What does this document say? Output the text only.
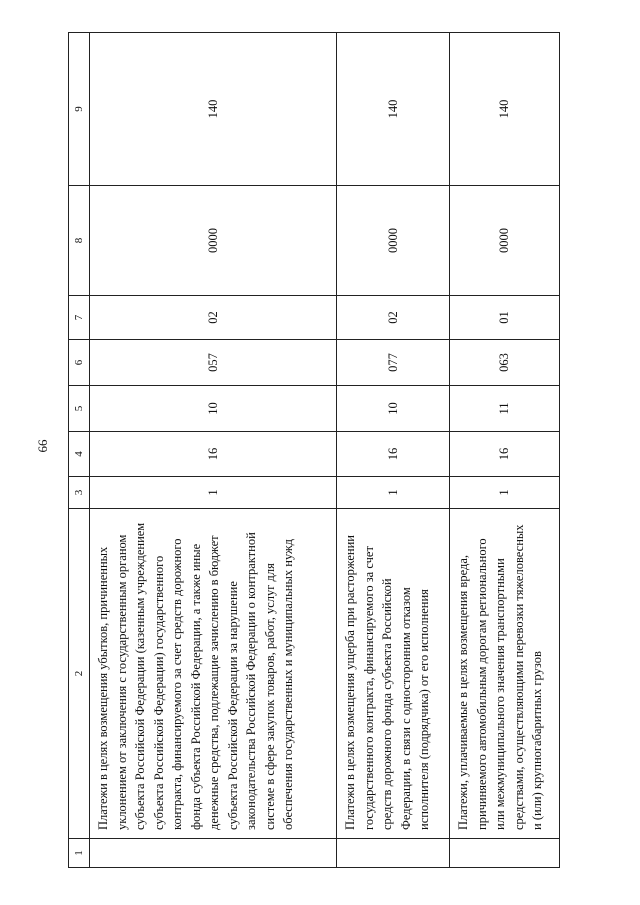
66
1	2	3	4	5	6	7	8	9
	Платежи в целях возмещения убытков, причиненных уклонением от заключения с государственным органом субъекта Российской Федерации (казенным учреждением субъекта Российской Федерации) государственного контракта, финансируемого за счет средств дорожного фонда субъекта Российской Федерации, а также иные денежные средства, подлежащие зачислению в бюджет субъекта Российской Федерации за нарушение законодательства Российской Федерации о контрактной системе в сфере закупок товаров, работ, услуг для обеспечения государственных и муниципальных нужд	1	16	10	057	02	0000	140
	Платежи в целях возмещения ущерба при расторжении государственного контракта, финансируемого за счет средств дорожного фонда субъекта Российской Федерации, в связи с односторонним отказом исполнителя (подрядчика) от его исполнения	1	16	10	077	02	0000	140
	Платежи, уплачиваемые в целях возмещения вреда, причиняемого автомобильным дорогам регионального или межмуниципального значения транспортными средствами, осуществляющими перевозки тяжеловесных и (или) крупногабаритных грузов	1	16	11	063	01	0000	140
